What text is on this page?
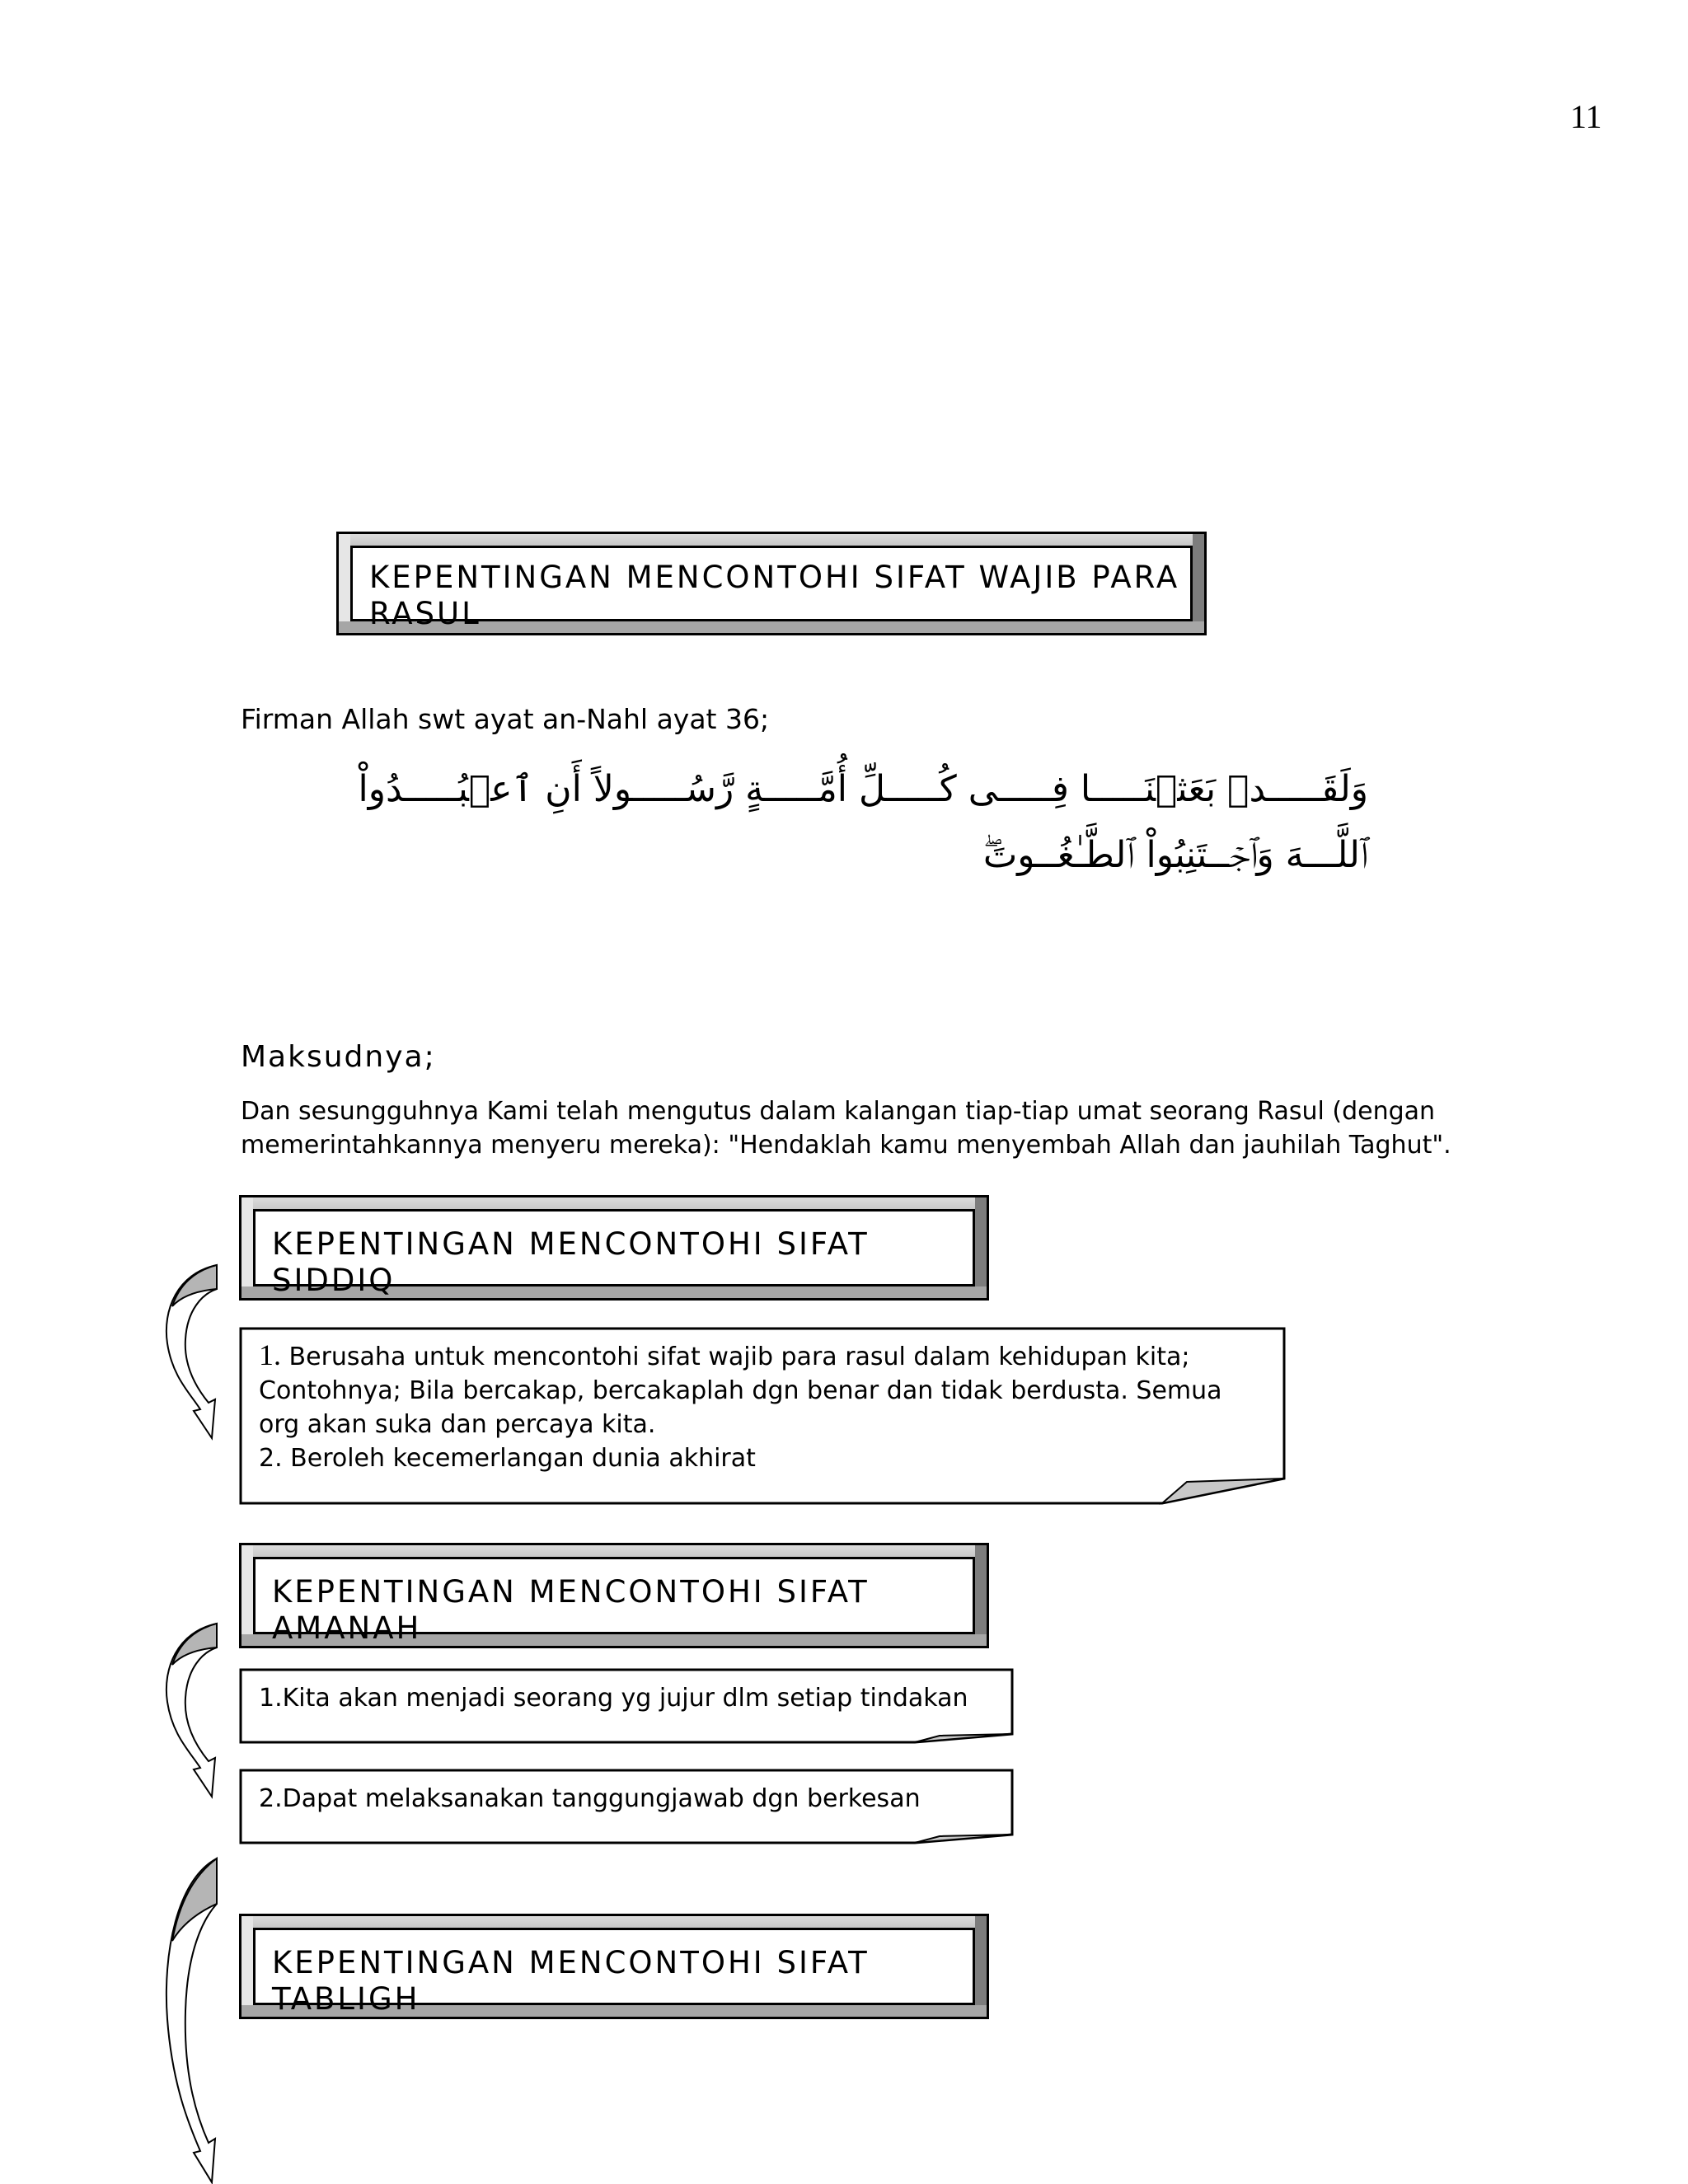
11
KEPENTINGAN MENCONTOHI SIFAT WAJIB PARA
RASUL
Firman Allah swt ayat an-Nahl ayat 36;
وَلَقَـــــدۡ بَعَثۡنَـــــا فِـــــى كُـــــلِّ أُمَّـــــةٍ رَّسُـــــولاً أَنِ ٱعۡبُـــــدُواْ
ٱللَّـــهَ وَٱجۡــتَنِبُواْ ٱلطَّـٰغُــوتَ‌ۖ
Maksudnya;
Dan sesungguhnya Kami telah mengutus dalam kalangan tiap-tiap umat seorang Rasul (dengan memerintahkannya menyeru mereka): "Hendaklah kamu menyembah Allah dan jauhilah Taghut".
KEPENTINGAN MENCONTOHI SIFAT
SIDDIQ
1. Berusaha untuk mencontohi sifat wajib para rasul dalam kehidupan kita; Contohnya; Bila bercakap, bercakaplah dgn benar dan tidak berdusta. Semua org akan suka dan percaya kita.
2. Beroleh kecemerlangan dunia akhirat
KEPENTINGAN MENCONTOHI SIFAT
AMANAH
1.Kita akan menjadi seorang yg jujur dlm setiap tindakan
2.Dapat melaksanakan tanggungjawab dgn berkesan
KEPENTINGAN MENCONTOHI SIFAT
TABLIGH
